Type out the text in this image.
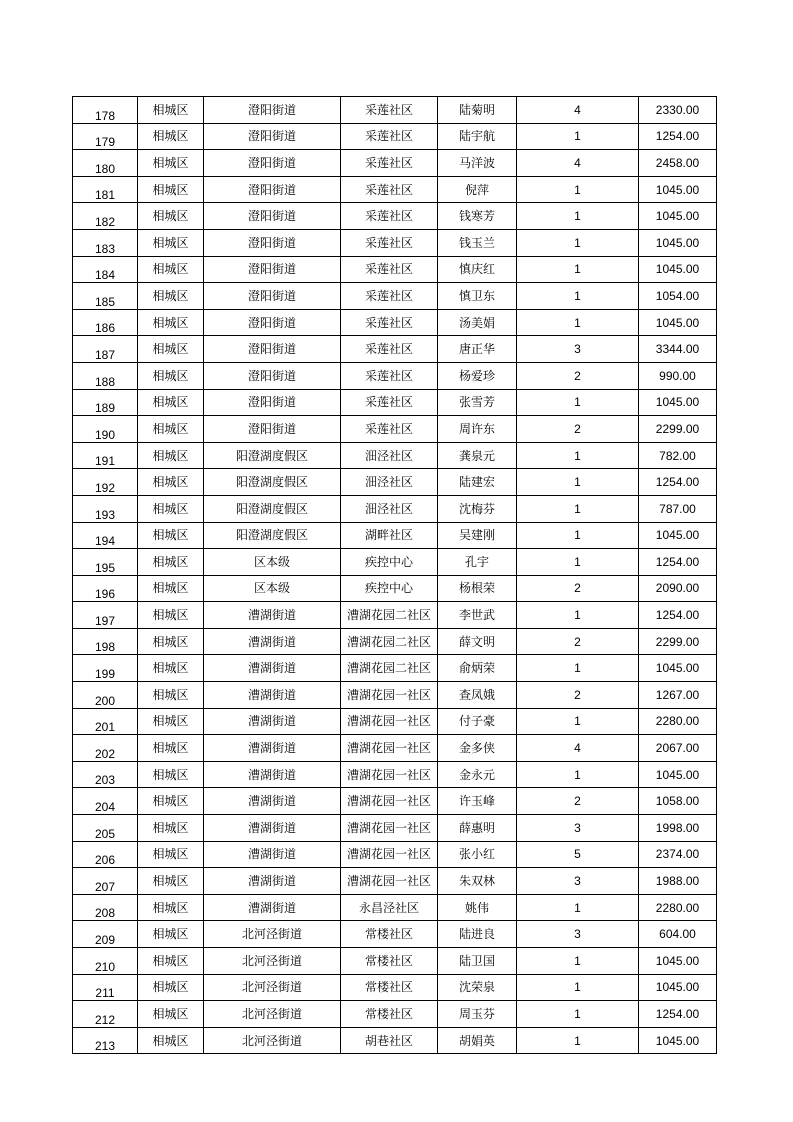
178	相城区	澄阳街道	采莲社区	陆菊明	4	2330.00
179	相城区	澄阳街道	采莲社区	陆宇航	1	1254.00
180	相城区	澄阳街道	采莲社区	马洋波	4	2458.00
181	相城区	澄阳街道	采莲社区	倪萍	1	1045.00
182	相城区	澄阳街道	采莲社区	钱寒芳	1	1045.00
183	相城区	澄阳街道	采莲社区	钱玉兰	1	1045.00
184	相城区	澄阳街道	采莲社区	慎庆红	1	1045.00
185	相城区	澄阳街道	采莲社区	慎卫东	1	1054.00
186	相城区	澄阳街道	采莲社区	汤美娟	1	1045.00
187	相城区	澄阳街道	采莲社区	唐正华	3	3344.00
188	相城区	澄阳街道	采莲社区	杨爱珍	2	990.00
189	相城区	澄阳街道	采莲社区	张雪芳	1	1045.00
190	相城区	澄阳街道	采莲社区	周许东	2	2299.00
191	相城区	阳澄湖度假区	沺泾社区	龚泉元	1	782.00
192	相城区	阳澄湖度假区	沺泾社区	陆建宏	1	1254.00
193	相城区	阳澄湖度假区	沺泾社区	沈梅芬	1	787.00
194	相城区	阳澄湖度假区	湖畔社区	吴建刚	1	1045.00
195	相城区	区本级	疾控中心	孔宇	1	1254.00
196	相城区	区本级	疾控中心	杨根荣	2	2090.00
197	相城区	漕湖街道	漕湖花园二社区	李世武	1	1254.00
198	相城区	漕湖街道	漕湖花园二社区	薛文明	2	2299.00
199	相城区	漕湖街道	漕湖花园二社区	俞炳荣	1	1045.00
200	相城区	漕湖街道	漕湖花园一社区	查凤娥	2	1267.00
201	相城区	漕湖街道	漕湖花园一社区	付子豪	1	2280.00
202	相城区	漕湖街道	漕湖花园一社区	金多侠	4	2067.00
203	相城区	漕湖街道	漕湖花园一社区	金永元	1	1045.00
204	相城区	漕湖街道	漕湖花园一社区	许玉峰	2	1058.00
205	相城区	漕湖街道	漕湖花园一社区	薛惠明	3	1998.00
206	相城区	漕湖街道	漕湖花园一社区	张小红	5	2374.00
207	相城区	漕湖街道	漕湖花园一社区	朱双林	3	1988.00
208	相城区	漕湖街道	永昌泾社区	姚伟	1	2280.00
209	相城区	北河泾街道	常楼社区	陆进良	3	604.00
210	相城区	北河泾街道	常楼社区	陆卫国	1	1045.00
211	相城区	北河泾街道	常楼社区	沈荣泉	1	1045.00
212	相城区	北河泾街道	常楼社区	周玉芬	1	1254.00
213	相城区	北河泾街道	胡巷社区	胡娟英	1	1045.00
